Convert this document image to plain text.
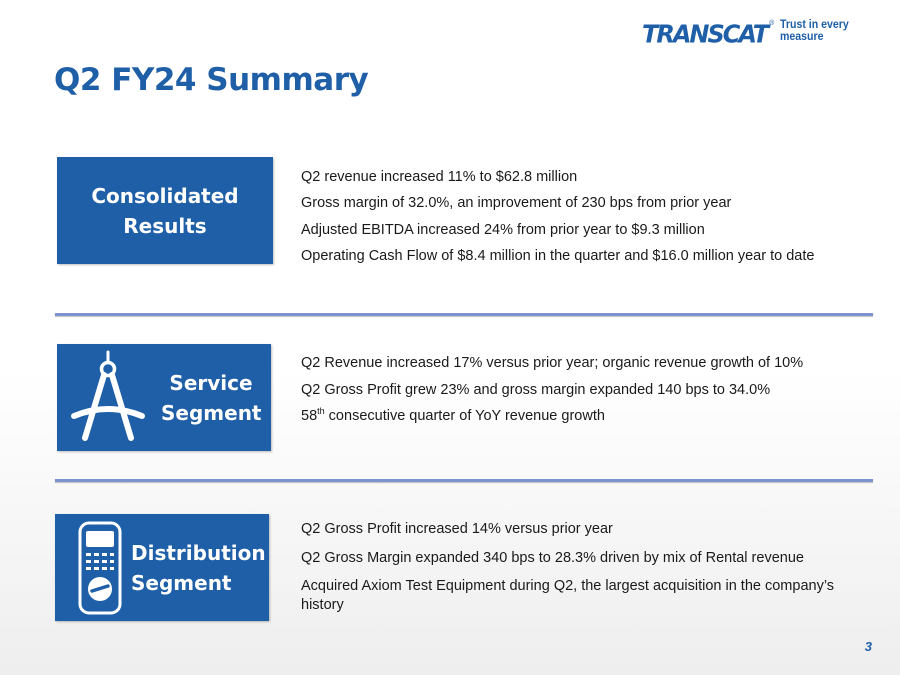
TRANSCAT ® Trust in every measure
Q2 FY24 Summary
Consolidated
Results

Q2 revenue increased 11% to $62.8 million

Gross margin of 32.0%, an improvement of 230 bps from prior year

Adjusted EBITDA increased 24% from prior year to $9.3 million

Operating Cash Flow of $8.4 million in the quarter and $16.0 million year to date

Service
Segment

Q2 Revenue increased 17% versus prior year; organic revenue growth of 10%

Q2 Gross Profit grew 23% and gross margin expanded 140 bps to 34.0%

58th consecutive quarter of YoY revenue growth

Distribution
Segment

Q2 Gross Profit increased 14% versus prior year

Q2 Gross Margin expanded 340 bps to 28.3% driven by mix of Rental revenue

Acquired Axiom Test Equipment during Q2, the largest acquisition in the company’s history

3
